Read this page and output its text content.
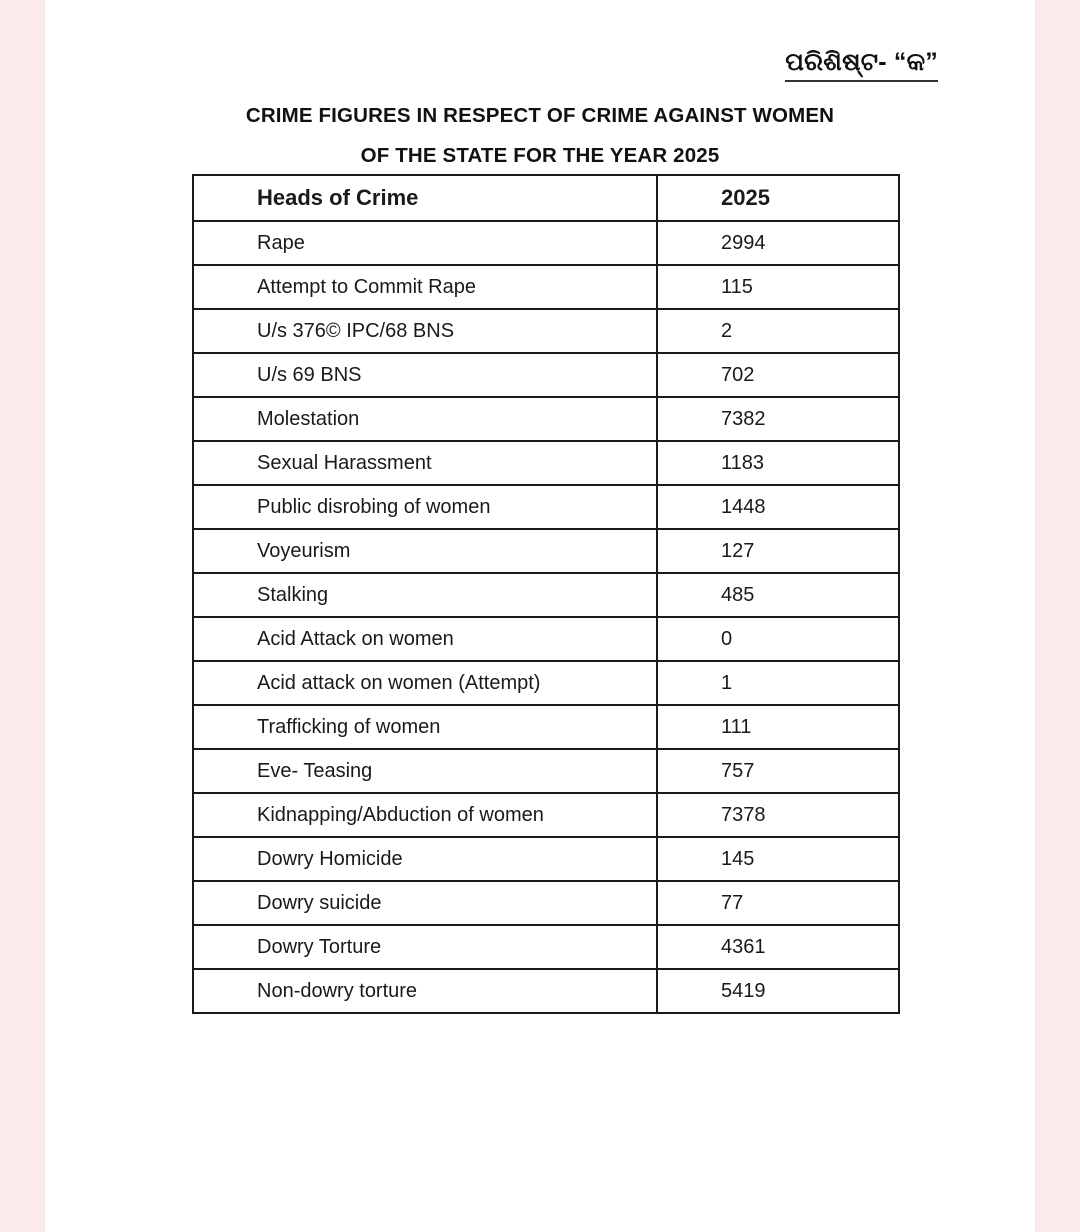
ପରିଶିଷ୍ଟ- “କ”
CRIME FIGURES IN RESPECT OF CRIME AGAINST WOMEN
OF THE STATE FOR THE YEAR 2025
Heads of Crime	2025
Rape	2994
Attempt to Commit Rape	115
U/s 376© IPC/68 BNS	2
U/s 69 BNS	702
Molestation	7382
Sexual Harassment	1183
Public disrobing of women	1448
Voyeurism	127
Stalking	485
Acid Attack on women	0
Acid attack on women (Attempt)	1
Trafficking of women	111
Eve- Teasing	757
Kidnapping/Abduction of women	7378
Dowry Homicide	145
Dowry suicide	77
Dowry Torture	4361
Non-dowry torture	5419
